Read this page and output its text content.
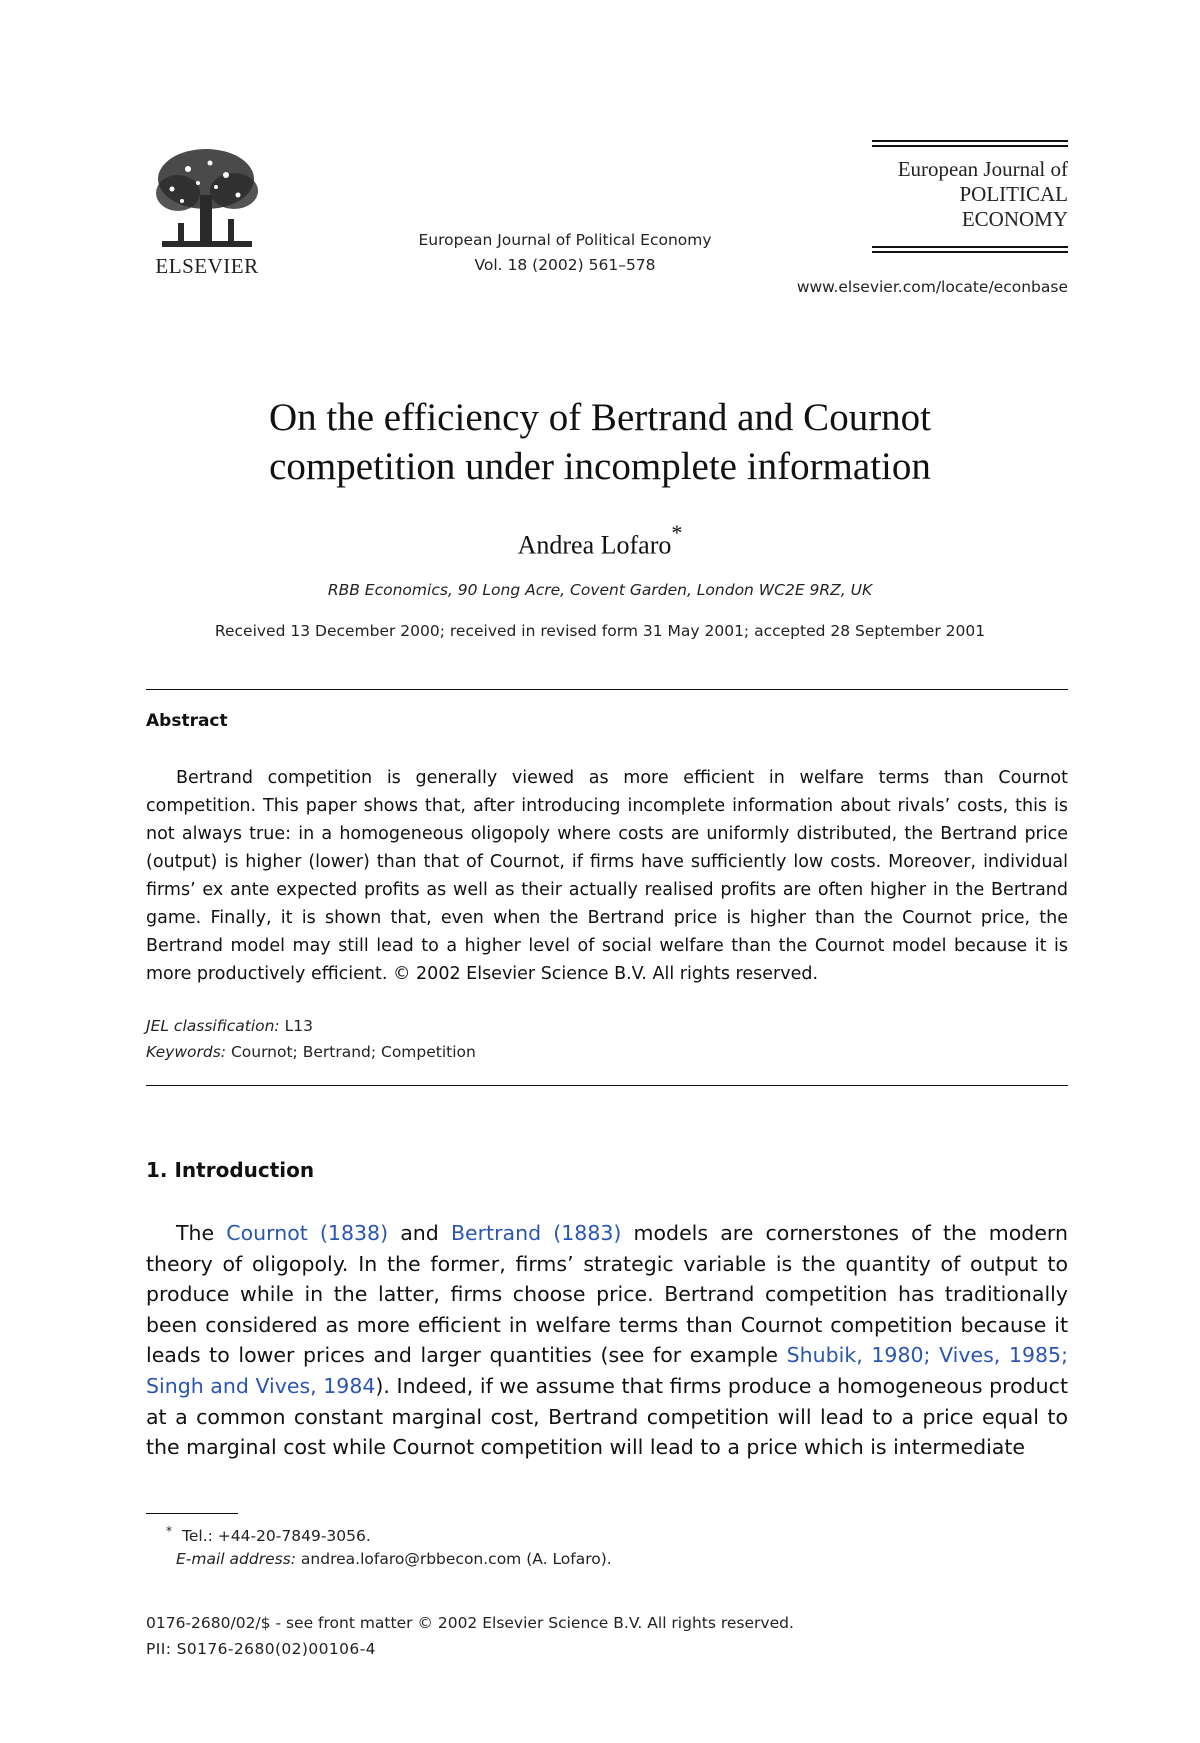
ELSEVIER
European Journal of Political Economy
Vol. 18 (2002) 561–578
European Journal of
POLITICAL
ECONOMY
www.elsevier.com/locate/econbase
On the efficiency of Bertrand and Cournot
competition under incomplete information
Andrea Lofaro*
RBB Economics, 90 Long Acre, Covent Garden, London WC2E 9RZ, UK
Received 13 December 2000; received in revised form 31 May 2001; accepted 28 September 2001
Abstract
Bertrand competition is generally viewed as more efficient in welfare terms than Cournot competition. This paper shows that, after introducing incomplete information about rivals’ costs, this is not always true: in a homogeneous oligopoly where costs are uniformly distributed, the Bertrand price (output) is higher (lower) than that of Cournot, if firms have sufficiently low costs. Moreover, individual firms’ ex ante expected profits as well as their actually realised profits are often higher in the Bertrand game. Finally, it is shown that, even when the Bertrand price is higher than the Cournot price, the Bertrand model may still lead to a higher level of social welfare than the Cournot model because it is more productively efficient. © 2002 Elsevier Science B.V. All rights reserved.
JEL classification: L13
Keywords: Cournot; Bertrand; Competition
1. Introduction
The Cournot (1838) and Bertrand (1883) models are cornerstones of the modern theory of oligopoly. In the former, firms’ strategic variable is the quantity of output to produce while in the latter, firms choose price. Bertrand competition has traditionally been considered as more efficient in welfare terms than Cournot competition because it leads to lower prices and larger quantities (see for example Shubik, 1980; Vives, 1985; Singh and Vives, 1984). Indeed, if we assume that firms produce a homogeneous product at a common constant marginal cost, Bertrand competition will lead to a price equal to the marginal cost while Cournot competition will lead to a price which is intermediate
* Tel.: +44-20-7849-3056.
E-mail address: andrea.lofaro@rbbecon.com (A. Lofaro).
0176-2680/02/$ - see front matter © 2002 Elsevier Science B.V. All rights reserved.
PII: S0176-2680(02)00106-4
